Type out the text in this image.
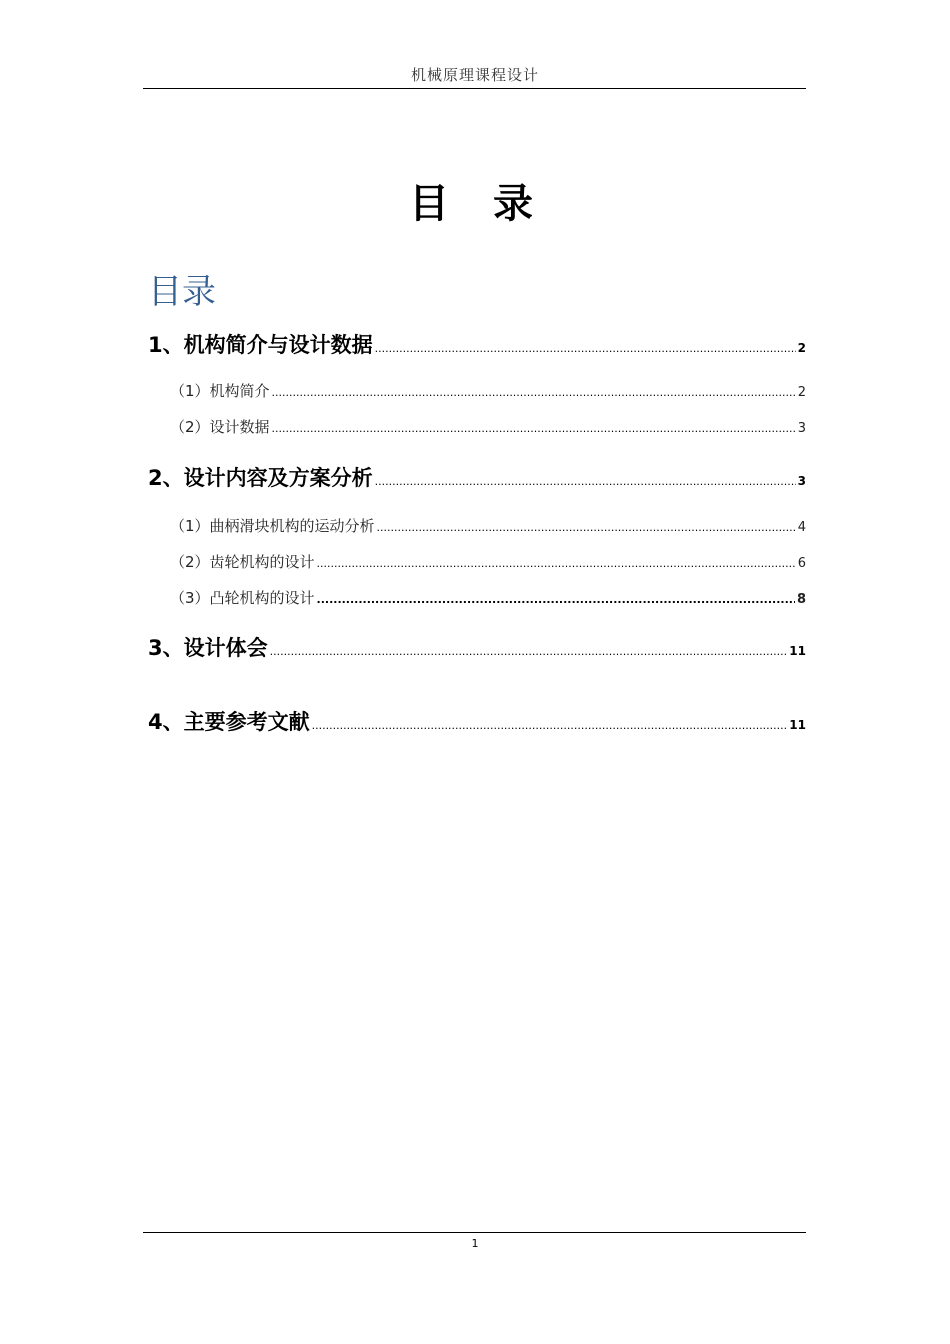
机械原理课程设计
目 录
目录
1、机构简介与设计数据 .....	2
（1）机构简介 .....	2
（2）设计数据 .....	3
2、设计内容及方案分析 .....	3
（1）曲柄滑块机构的运动分析 .....	4
（2）齿轮机构的设计 .....	6
（3）凸轮机构的设计 .....	8
3、设计体会 .....	11
4、主要参考文献 .....	11
1
